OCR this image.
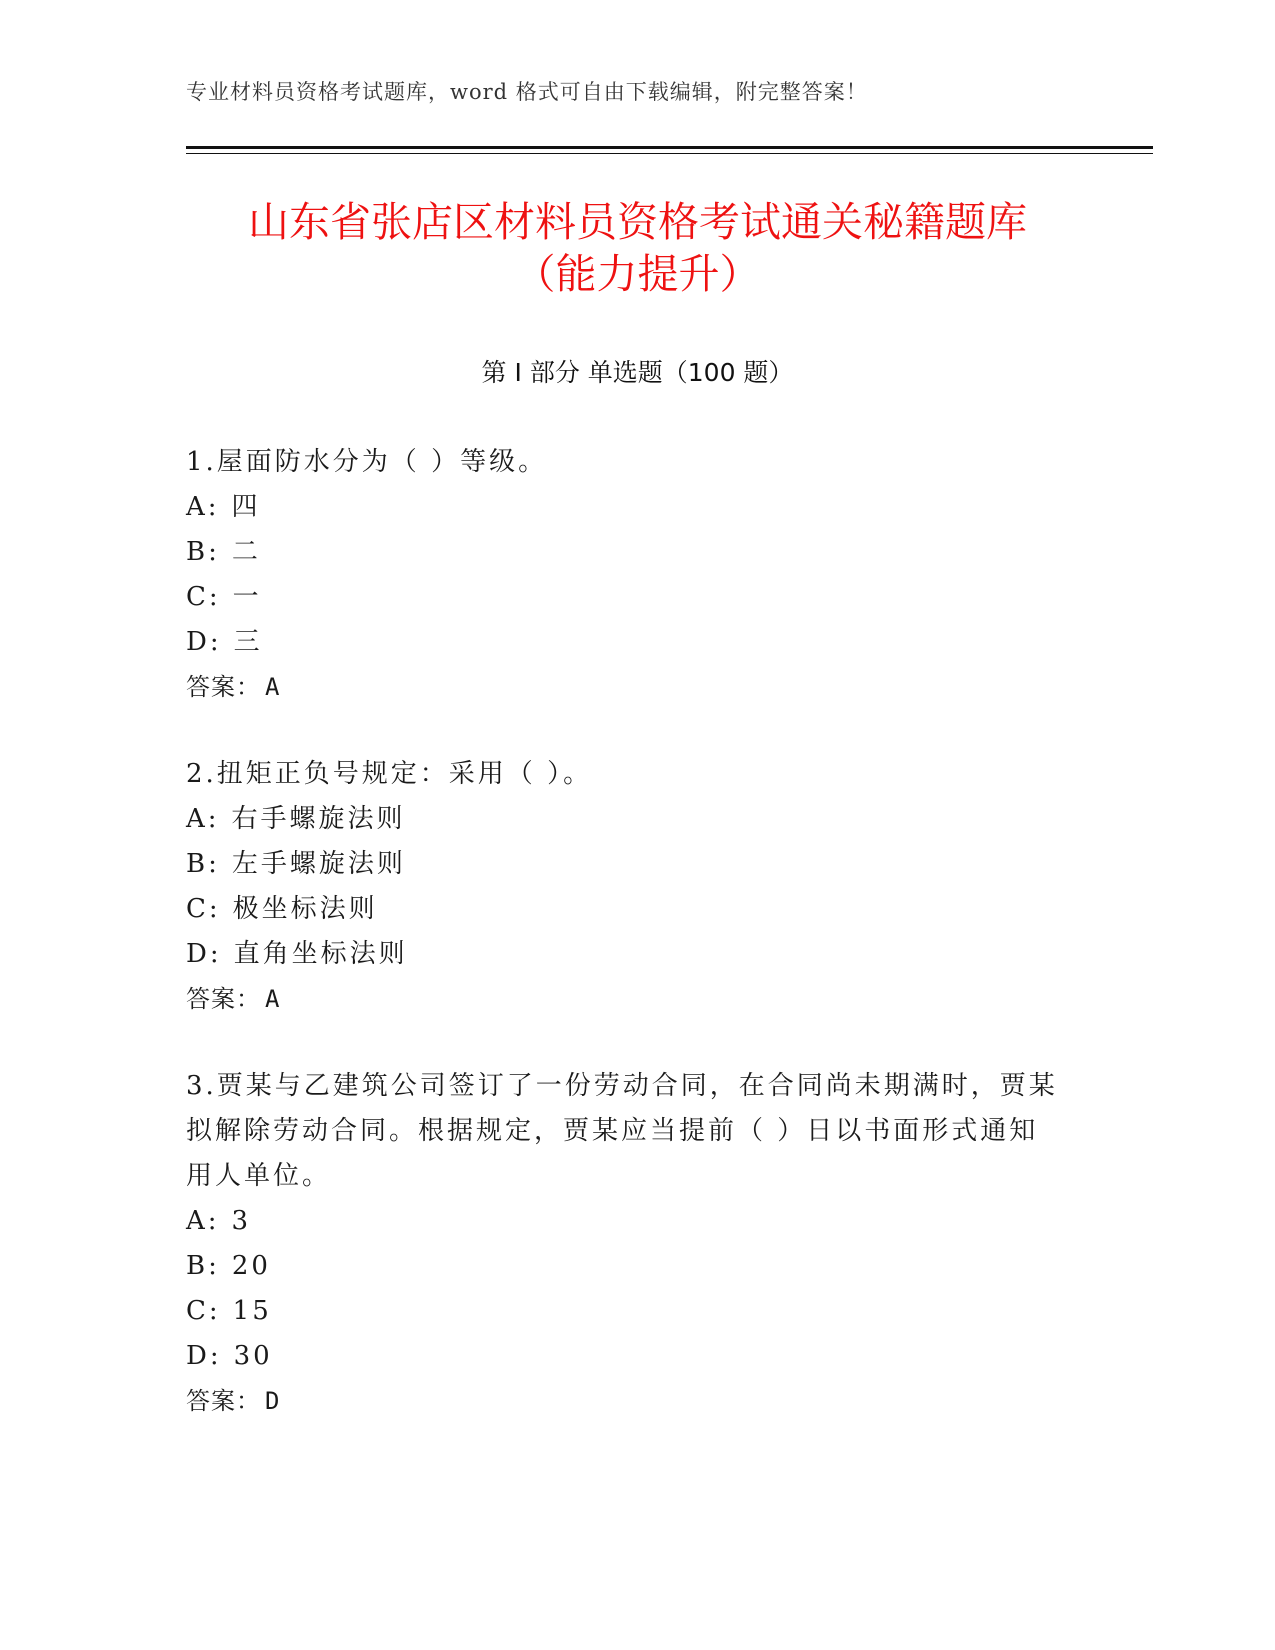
专业材料员资格考试题库，word 格式可自由下载编辑，附完整答案！
山东省张店区材料员资格考试通关秘籍题库
（能力提升）
第 I 部分 单选题（100 题）

1.屋面防水分为（ ）等级。

A: 四

B: 二

C: 一

D: 三

答案： A

2.扭矩正负号规定：采用（ ）。

A: 右手螺旋法则

B: 左手螺旋法则

C: 极坐标法则

D: 直角坐标法则

答案： A

3.贾某与乙建筑公司签订了一份劳动合同，在合同尚未期满时，贾某拟解除劳动合同。根据规定，贾某应当提前（ ）日以书面形式通知用人单位。

A: 3

B: 20

C: 15

D: 30

答案： D
